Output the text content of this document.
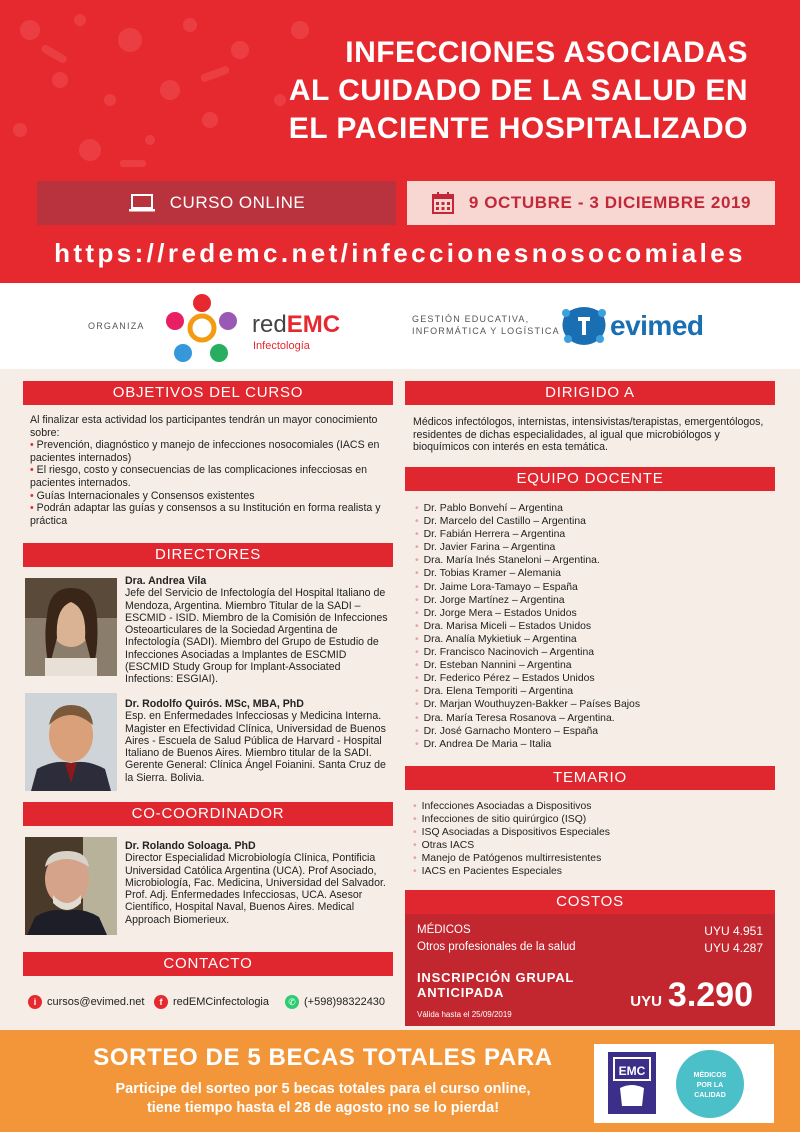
INFECCIONES ASOCIADAS
AL CUIDADO DE LA SALUD EN
EL PACIENTE HOSPITALIZADO
CURSO ONLINE	9 OCTUBRE - 3 DICIEMBRE 2019
https://redemc.net/infeccionesnosocomiales
ORGANIZA	redEMC
Infectología
GESTIÓN EDUCATIVA,
INFORMÁTICA Y LOGÍSTICA evimed
OBJETIVOS DEL CURSO
Al finalizar esta actividad los participantes tendrán un mayor conocimiento sobre:
• Prevención, diagnóstico y manejo de infecciones nosocomiales (IACS en pacientes internados)
• El riesgo, costo y consecuencias de las complicaciones infecciosas en pacientes internados.
• Guías Internacionales y Consensos existentes
• Podrán adaptar las guías y consensos a su Institución en forma realista y práctica
DIRECTORES
Dra. Andrea Vila
Jefe del Servicio de Infectología del Hospital Italiano de Mendoza, Argentina. Miembro Titular de la SADI – ESCMID - ISID. Miembro de la Comisión de Infecciones Osteoarticulares de la Sociedad Argentina de Infectología (SADI). Miembro del Grupo de Estudio de Infecciones Asociadas a Implantes de ESCMID (ESCMID Study Group for Implant-Associated Infections: ESGIAI).
Dr. Rodolfo Quirós. MSc, MBA, PhD
Esp. en Enfermedades Infecciosas y Medicina Interna. Magister en Efectividad Clínica, Universidad de Buenos Aires - Escuela de Salud Pública de Harvard - Hospital Italiano de Buenos Aires. Miembro titular de la SADI. Gerente General: Clínica Ángel Foianini. Santa Cruz de la Sierra. Bolivia.
CO-COORDINADOR
Dr. Rolando Soloaga. PhD
Director Especialidad Microbiología Clínica, Pontificia Universidad Católica Argentina (UCA). Prof Asociado, Microbiología, Fac. Medicina, Universidad del Salvador. Prof. Adj. Enfermedades Infecciosas, UCA. Asesor Científico, Hospital Naval, Buenos Aires. Medical Approach Biomerieux.
CONTACTO
i cursos@evimed.net	f redEMCinfectologia	✆ (+598)98322430
DIRIGIDO A
Médicos infectólogos, internistas, intensivistas/terapistas, emergentólogos, residentes de dichas especialidades, al igual que microbiólogos y bioquímicos con interés en esta temática.
EQUIPO DOCENTE
• Dr. Pablo Bonvehí – Argentina
• Dr. Marcelo del Castillo – Argentina
• Dr. Fabián Herrera – Argentina
• Dr. Javier Farina – Argentina
• Dra. María Inés Staneloni – Argentina.
• Dr. Tobias Kramer – Alemania
• Dr. Jaime Lora-Tamayo – España
• Dr. Jorge Martínez – Argentina
• Dr. Jorge Mera – Estados Unidos
• Dra. Marisa Miceli – Estados Unidos
• Dra. Analía Mykietiuk – Argentina
• Dr. Francisco Nacinovich – Argentina
• Dr. Esteban Nannini – Argentina
• Dr. Federico Pérez – Estados Unidos
• Dra. Elena Temporiti – Argentina
• Dr. Marjan Wouthuyzen-Bakker – Países Bajos
• Dra. María Teresa Rosanova – Argentina.
• Dr. José Garnacho Montero – España
• Dr. Andrea De Maria – Italia
TEMARIO
• Infecciones Asociadas a Dispositivos
• Infecciones de sitio quirúrgico (ISQ)
• ISQ Asociadas a Dispositivos Especiales
• Otras IACS
• Manejo de Patógenos multirresistentes
• IACS en Pacientes Especiales
COSTOS
MÉDICOS	UYU 4.951
Otros profesionales de la salud	UYU 4.287
INSCRIPCIÓN GRUPAL
ANTICIPADA
Válida hasta el 25/09/2019
UYU 3.290
SORTEO DE 5 BECAS TOTALES PARA
Participe del sorteo por 5 becas totales para el curso online,
tiene tiempo hasta el 28 de agosto ¡no se lo pierda!
EMC	MÉDICOS
POR LA
CALIDAD
